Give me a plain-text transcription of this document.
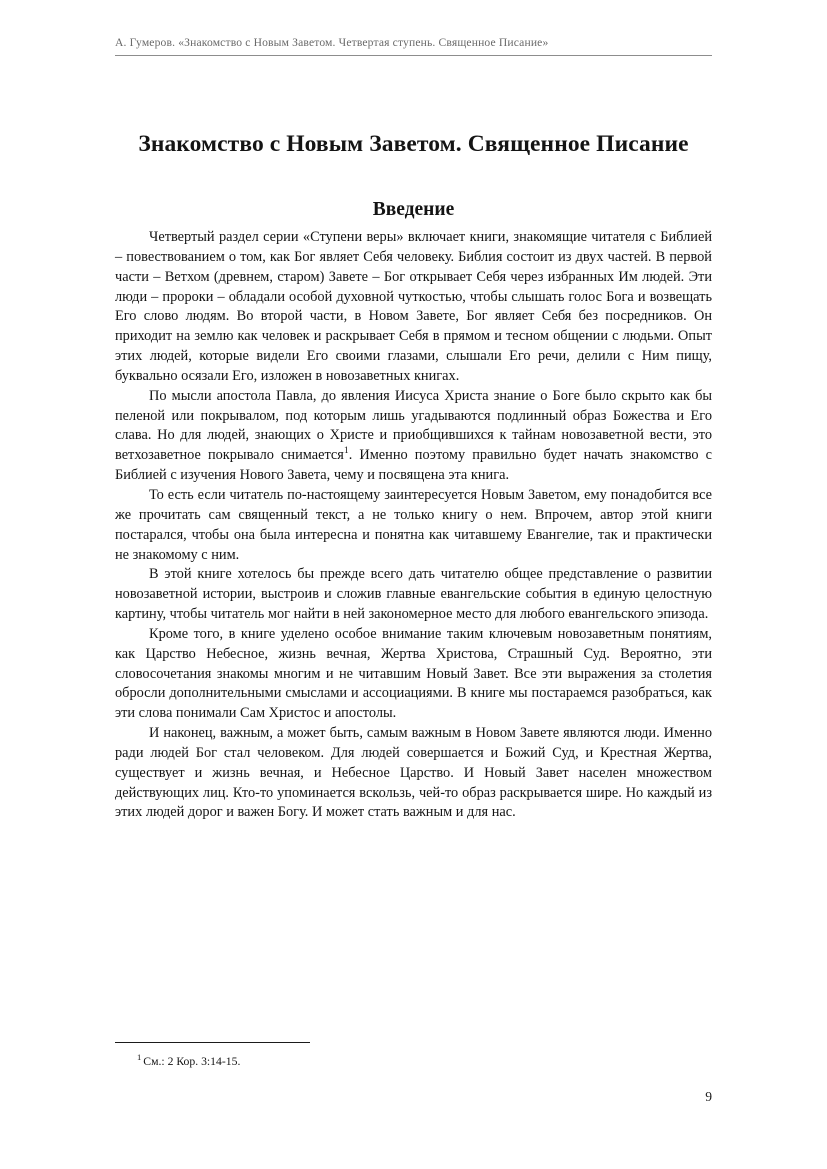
А. Гумеров. «Знакомство с Новым Заветом. Четвертая ступень. Священное Писание»
Знакомство с Новым Заветом. Священное Писание
Введение

Четвертый раздел серии «Ступени веры» включает книги, знакомящие читателя с Библией – повествованием о том, как Бог являет Себя человеку. Библия состоит из двух частей. В первой части – Ветхом (древнем, старом) Завете – Бог открывает Себя через избранных Им людей. Эти люди – пророки – обладали особой духовной чуткостью, чтобы слышать голос Бога и возвещать Его слово людям. Во второй части, в Новом Завете, Бог являет Себя без посредников. Он приходит на землю как человек и раскрывает Себя в прямом и тесном общении с людьми. Опыт этих людей, которые видели Его своими глазами, слышали Его речи, делили с Ним пищу, буквально осязали Его, изложен в новозаветных книгах.

По мысли апостола Павла, до явления Иисуса Христа знание о Боге было скрыто как бы пеленой или покрывалом, под которым лишь угадываются подлинный образ Божества и Его слава. Но для людей, знающих о Христе и приобщившихся к тайнам новозаветной вести, это ветхозаветное покрывало снимается$^1$. Именно поэтому правильно будет начать знакомство с Библией с изучения Нового Завета, чему и посвящена эта книга.

То есть если читатель по-настоящему заинтересуется Новым Заветом, ему понадобится все же прочитать сам священный текст, а не только книгу о нем. Впрочем, автор этой книги постарался, чтобы она была интересна и понятна как читавшему Евангелие, так и практически не знакомому с ним.

В этой книге хотелось бы прежде всего дать читателю общее представление о развитии новозаветной истории, выстроив и сложив главные евангельские события в единую целостную картину, чтобы читатель мог найти в ней закономерное место для любого евангельского эпизода.

Кроме того, в книге уделено особое внимание таким ключевым новозаветным понятиям, как Царство Небесное, жизнь вечная, Жертва Христова, Страшный Суд. Вероятно, эти словосочетания знакомы многим и не читавшим Новый Завет. Все эти выражения за столетия обросли дополнительными смыслами и ассоциациями. В книге мы постараемся разобраться, как эти слова понимали Сам Христос и апостолы.

И наконец, важным, а может быть, самым важным в Новом Завете являются люди. Именно ради людей Бог стал человеком. Для людей совершается и Божий Суд, и Крестная Жертва, существует и жизнь вечная, и Небесное Царство. И Новый Завет населен множеством действующих лиц. Кто-то упоминается вскользь, чей-то образ раскрывается шире. Но каждый из этих людей дорог и важен Богу. И может стать важным и для нас.

$^1$ См.: 2 Кор. 3:14-15.
9
